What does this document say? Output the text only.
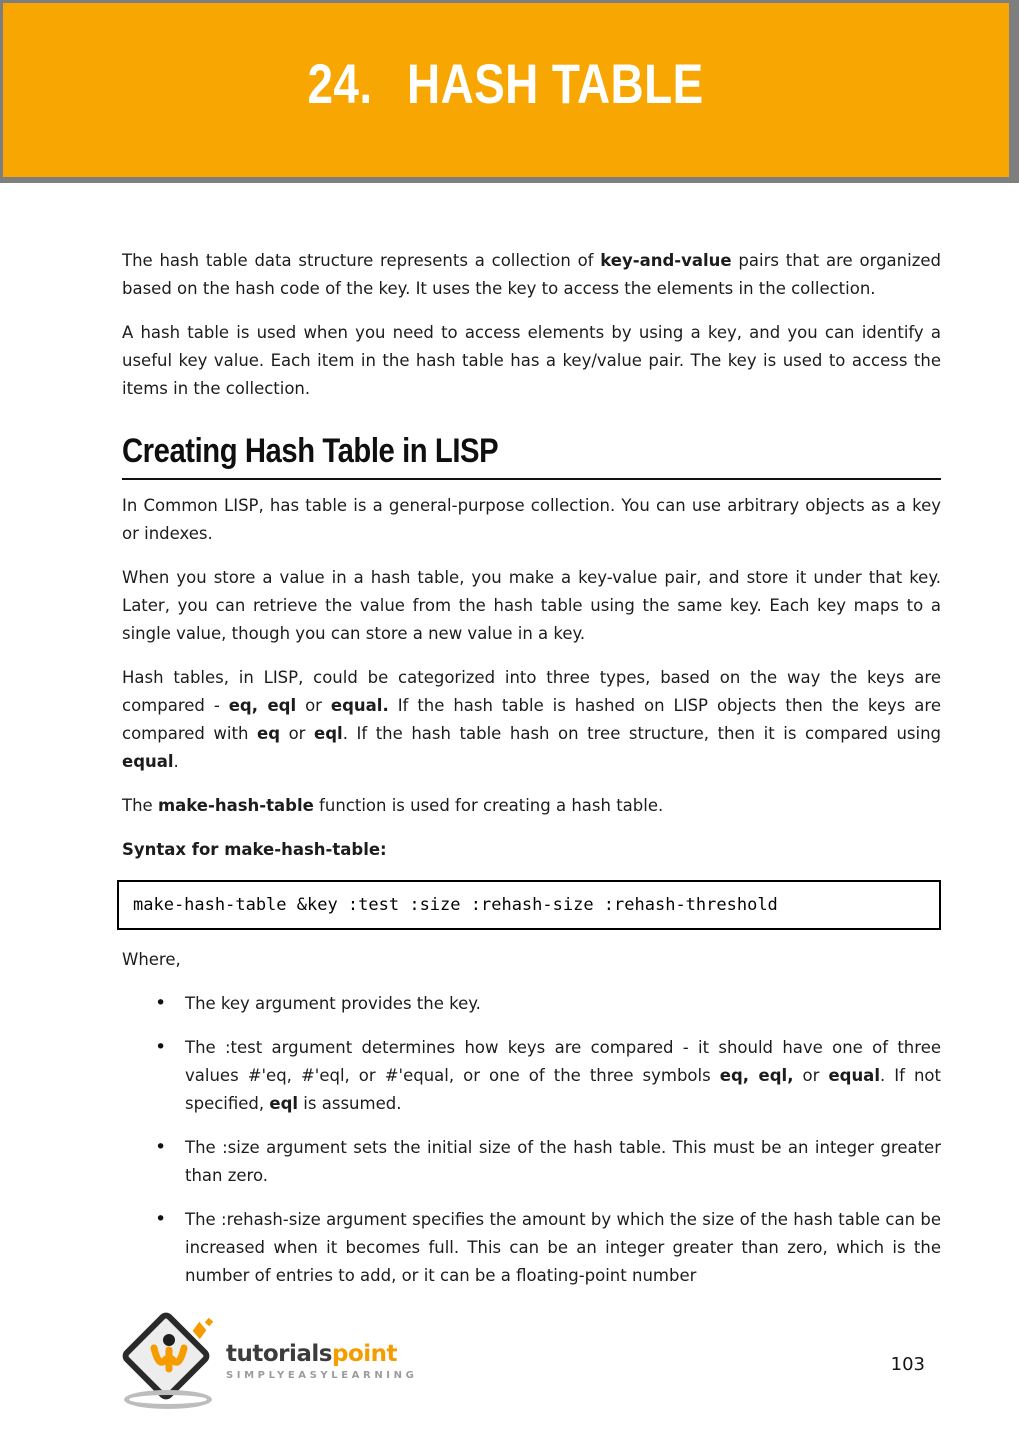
24. HASH TABLE

The hash table data structure represents a collection of key-and-value pairs that are organized based on the hash code of the key. It uses the key to access the elements in the collection.

A hash table is used when you need to access elements by using a key, and you can identify a useful key value. Each item in the hash table has a key/value pair. The key is used to access the items in the collection.

Creating Hash Table in LISP

In Common LISP, has table is a general-purpose collection. You can use arbitrary objects as a key or indexes.

When you store a value in a hash table, you make a key-value pair, and store it under that key. Later, you can retrieve the value from the hash table using the same key. Each key maps to a single value, though you can store a new value in a key.

Hash tables, in LISP, could be categorized into three types, based on the way the keys are compared - eq, eql or equal. If the hash table is hashed on LISP objects then the keys are compared with eq or eql. If the hash table hash on tree structure, then it is compared using equal.

The make-hash-table function is used for creating a hash table.

Syntax for make-hash-table:

make-hash-table &key :test :size :rehash-size :rehash-threshold

Where,

•	The key argument provides the key.
•	The :test argument determines how keys are compared - it should have one of three values #'eq, #'eql, or #'equal, or one of the three symbols eq, eql, or equal. If not specified, eql is assumed.
•	The :size argument sets the initial size of the hash table. This must be an integer greater than zero.
•	The :rehash-size argument specifies the amount by which the size of the hash table can be increased when it becomes full. This can be an integer greater than zero, which is the number of entries to add, or it can be a floating-point number
tutorialspoint
SIMPLYEASYLEARNING	103
